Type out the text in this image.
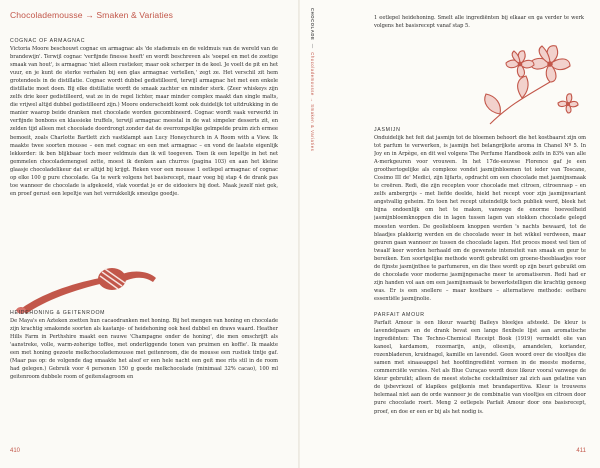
Chocolademousse → Smaken & Variaties
COGNAC OF ARMAGNAC

Victoria Moore beschouwt cognac en armagnac als 'de stadsmuis en de veldmuis van de wereld van de brandewijn'. Terwijl cognac 'verfijnde finesse heeft' en wordt beschreven als 'soepel en met de zoetige smaak van hout', is armagnac 'niet alleen rustieker, maar ook scherper in de keel. Je voelt de pit en het vuur, en je kunt de sterke verhalen bij een glas armagnac vertellen,' zegt ze. Het verschil zit hem grotendeels in de distillatie. Cognac wordt dubbel gedistilleerd, terwijl armagnac het met een enkele distillatie moet doen. Bij elke distillatie wordt de smaak zachter en minder sterk. (Zeer whiskeys zijn zelfs drie keer gedistilleerd, wat ze in de regel lichter, maar minder complex maakt dan single malts, die vrijwel altijd dubbel gedistilleerd zijn.) Moore onderscheidt komt ook duidelijk tot uitdrukking in de manier waarop beide dranken met chocolade worden gecombineerd. Cognac wordt vaak verwerkt in verfijnde bonbons en klassieke truffels, terwijl armagnac meestal in de wat simpeler desserts zit, en zelden tijd alleen met chocolade doordrongt zonder dat de overrompelijke geïmpelde pruim zich ermee bemoeit, zoals Charlotte Bartlett zich vastklampt aan Lucy Honeychurch in A Room with a View. Ik maakte twee soorten mousse – een met cognac en een met armagnac – en vond de laatste eigenlijk lekkerder: ik ben blijkbaar toch meer veldmuis dan ik wil toegeven. Toen ik een lepeltje in het net gemmelen chocolademengsel zette, moest ik denken aan churros (pagina 103) en aan het kleine glaasje chocoladelikeur dat er altijd bij krijgt. Reken voor een mousse 1 eetlepel armagnac of cognac op elke 100 g pure chocolade. Ga te werk volgens het basisrecept, maar voeg bij stap 4 de drank pas toe wanneer de chocolade is afgekoeld, vlak voordat je er de eidooiers bij doet. Maak jezelf niet gek, en proef gerust een lepeltje van het verrukkelijk smeuïge goedje.

HEIDEHONING & GEITENROOM

De Maya's en Azteken zoetten hun cacaodranken met honing. Bij het mengen van honing en chocolade zijn krachtig smakende soorten als kastanje- of heidehoning ook heel dubbel en draws waard. Heather Hills Farm in Perthshire maakt een rauwe 'Champagne onder de honing', die men omschrijft als 'aanstreke, volle, warm-zoherige toffee, met onderliggende tonen van pruimen en koffie'. Ik maakte een met honing gezoete melkchocolademousse met geitenroom, die de mousse een rustiek tintje gaf. (Maar pas op: de volgende dag smaakte het alsof er een hele nacht een geit mee rits stil in de room had gelegen.) Gebruik voor 4 personen 150 g goede melkchocolade (minimaal 32% cacao), 100 ml geitenroom dubbele room of geitenslagroom en

410
CHOCOLADE  —  Chocolademousse → Smaken & Variaties

1 eetlepel heidehoning. Smelt alle ingrediënten bij elkaar en ga verder te werk volgens het basisrecept vanaf stap 5.

JASMIJN

Onduidelijk het feit dat jasmijn tot de bloemen behoort die het kostbaarst zijn om tot parfum te verwerken, is jasmijn het belangrijkste aroma in Chanel Nº 5. In Joy en in Arpège, en dit wel volgens The Perfume Handbook zelfs in 83% van alle A-merkgeuren voor vrouwen. In het 17de-eeuwse Florence gaf je een groothertogelijke als complexe vondst jasmijnbloemen tot ieder van Toscane, Cosimo III de' Medici, zijn lijfarts, opdracht om een chocolade met jasmijnsmaak te creëren. Redi, die zijn recepten voor chocolade met citroen, citroenrasp – en zelfs ambergrijs – met liefde deelde, hield het recept voor zijn jasmijnvariant angstvallig geheim. En toen het recept uiteindelijk toch publiek werd, bleek het bijna ondoenlijk om het te maken, vanwege de enorme hoeveelheid jasmijnbloemknoppen die in lagen tussen lagen van stokken chocolade gelegd moesten worden. De geoliebloem knoppen werden 's nachts bewaard, tot de blaadjes plakkerig werden en de chocolade weer in het wikkel verdween, maar geuren gaan wanneer ze tussen de chocolade lagen. Het proces moest wel tien of twaalf keer worden herhaald om de gewenste intensiteit van smaak en geur te bereiken. Een soortgelijke methode wordt gebruikt om groene-theeblaadjes voor de fijnste jasmijnthee te parfumeren, en die thee wordt op zijn beurt gebruikt om de chocolade voor moderne jasmijngenache meer te aromatiseren. Redi had er zijn handen vol aan om een jasmijnsmaak te bewerkstelligen die krachtig genoeg was. Er is een snellere – maar kostbare – alternatieve methode: eetbare essentiële jasmijnolie.

PARFAIT AMOUR

Parfait Amour is een likeur waarbij Baileys bleekjes afsteekt. De kleur is lavendelpaars en de drank bevat een lange flexibele lijst aan aromatische ingrediënten: The Techno-Chemical Receipt Book (1919) vermeldt olie van kaneel, kardamom, rozemarijn, anijs, oliesnijs, amandelen, koriander, rozenbladeren, kruidnagel, kamille en lavendel. Geen woord over de viooltjes die samen met sinaasappel het hoofdingrediënt vormen in de meeste moderne, commerciële versies. Net als Blue Curaçao wordt deze likeur vooral vanwege de kleur gebruikt; alleen de meest stoïsche cocktailmixer zal zich aan gelatine van de ijsbevriezel of klapikes gelijkenis met brandaperitiva. Kleur is trouwens helemaal niet aan de orde wanneer je de combinatie van viooltjes en citroen door pure chocolade roert. Meng 2 eetlepels Parfait Amour door ons basisrecept, proef, en doe er een er bij als het nodig is.

411
